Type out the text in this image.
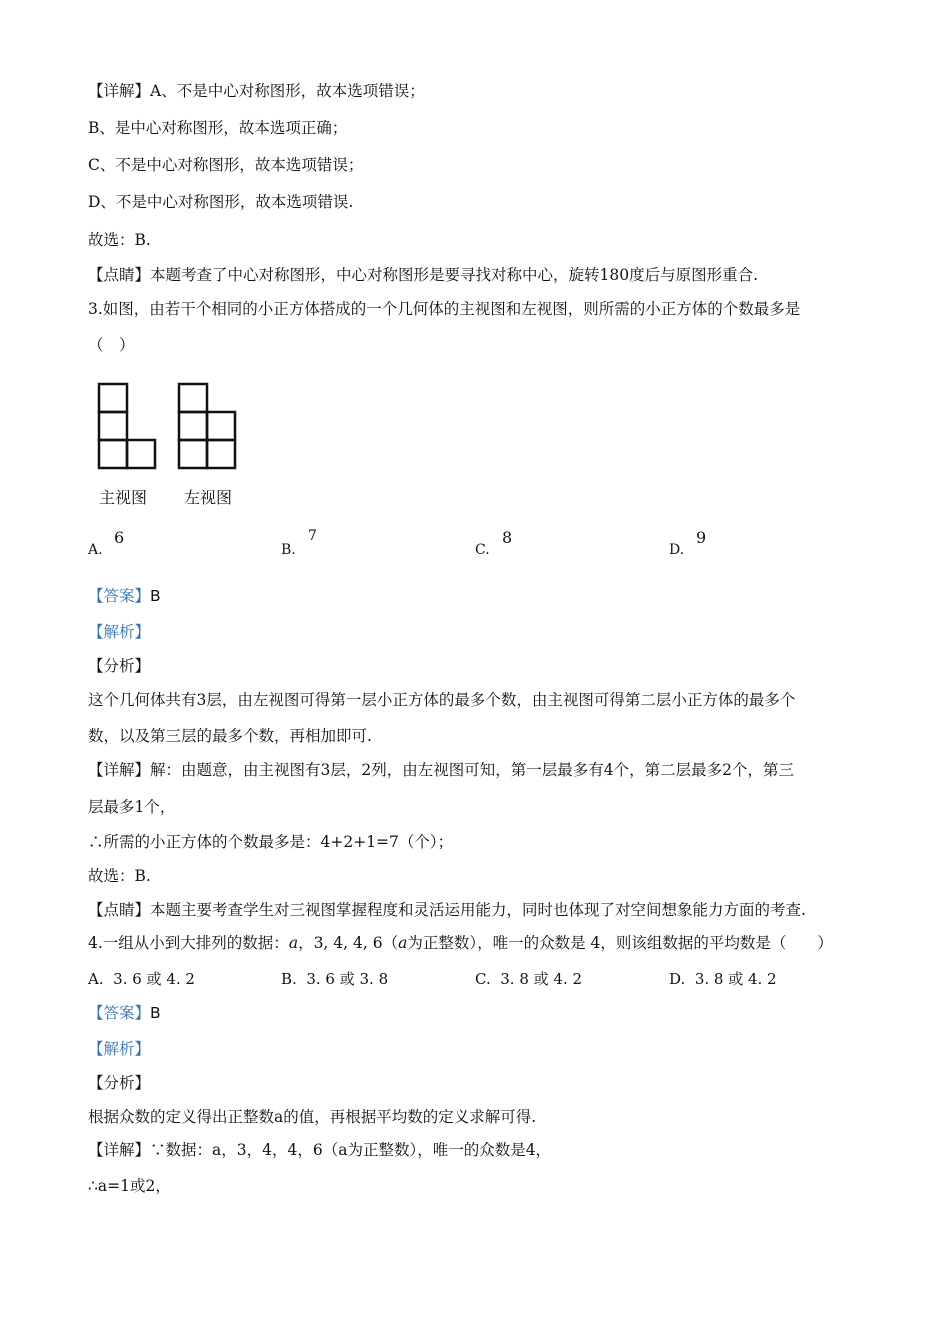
【详解】A、不是中心对称图形，故本选项错误；
B、是中心对称图形，故本选项正确；
C、不是中心对称图形，故本选项错误；
D、不是中心对称图形，故本选项错误.
故选：B.
【点睛】本题考查了中心对称图形，中心对称图形是要寻找对称中心，旋转180度后与原图形重合.
3.如图，由若干个相同的小正方体搭成的一个几何体的主视图和左视图，则所需的小正方体的个数最多是
（　）
主视图 左视图
A.
6
B.
7
C.
8
D.
9
【答案】B
【解析】
【分析】
这个几何体共有3层，由左视图可得第一层小正方体的最多个数，由主视图可得第二层小正方体的最多个
数，以及第三层的最多个数，再相加即可.
【详解】解：由题意，由主视图有3层，2列，由左视图可知，第一层最多有4个，第二层最多2个，第三
层最多1个，
∴所需的小正方体的个数最多是：4+2+1=7（个）；
故选：B.
【点睛】本题主要考查学生对三视图掌握程度和灵活运用能力，同时也体现了对空间想象能力方面的考查.
4.一组从小到大排列的数据：a，3, 4, 4, 6（a为正整数），唯一的众数是 4，则该组数据的平均数是（　　）
A. 3. 6 或 4. 2	B. 3. 6 或 3. 8	C. 3. 8 或 4. 2	D. 3. 8 或 4. 2
【答案】B
【解析】
【分析】
根据众数的定义得出正整数a的值，再根据平均数的定义求解可得.
【详解】∵数据：a，3，4，4，6（a为正整数），唯一的众数是4，
∴a=1或2，
